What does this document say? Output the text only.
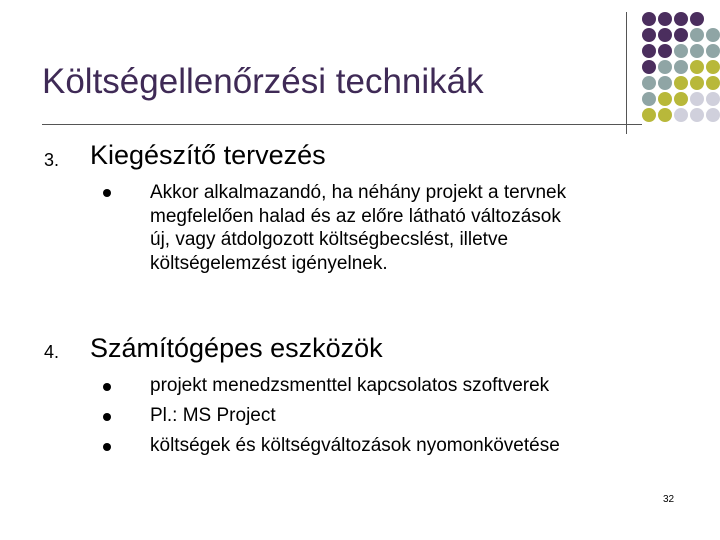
Költségellenőrzési technikák
3. Kiegészítő tervezés
Akkor alkalmazandó, ha néhány projekt a tervnek
megfelelően halad és az előre látható változások
új, vagy átdolgozott költségbecslést, illetve
költségelemzést igényelnek.
4. Számítógépes eszközök
projekt menedzsmenttel kapcsolatos szoftverek
Pl.: MS Project
költségek és költségváltozások nyomonkövetése
32
